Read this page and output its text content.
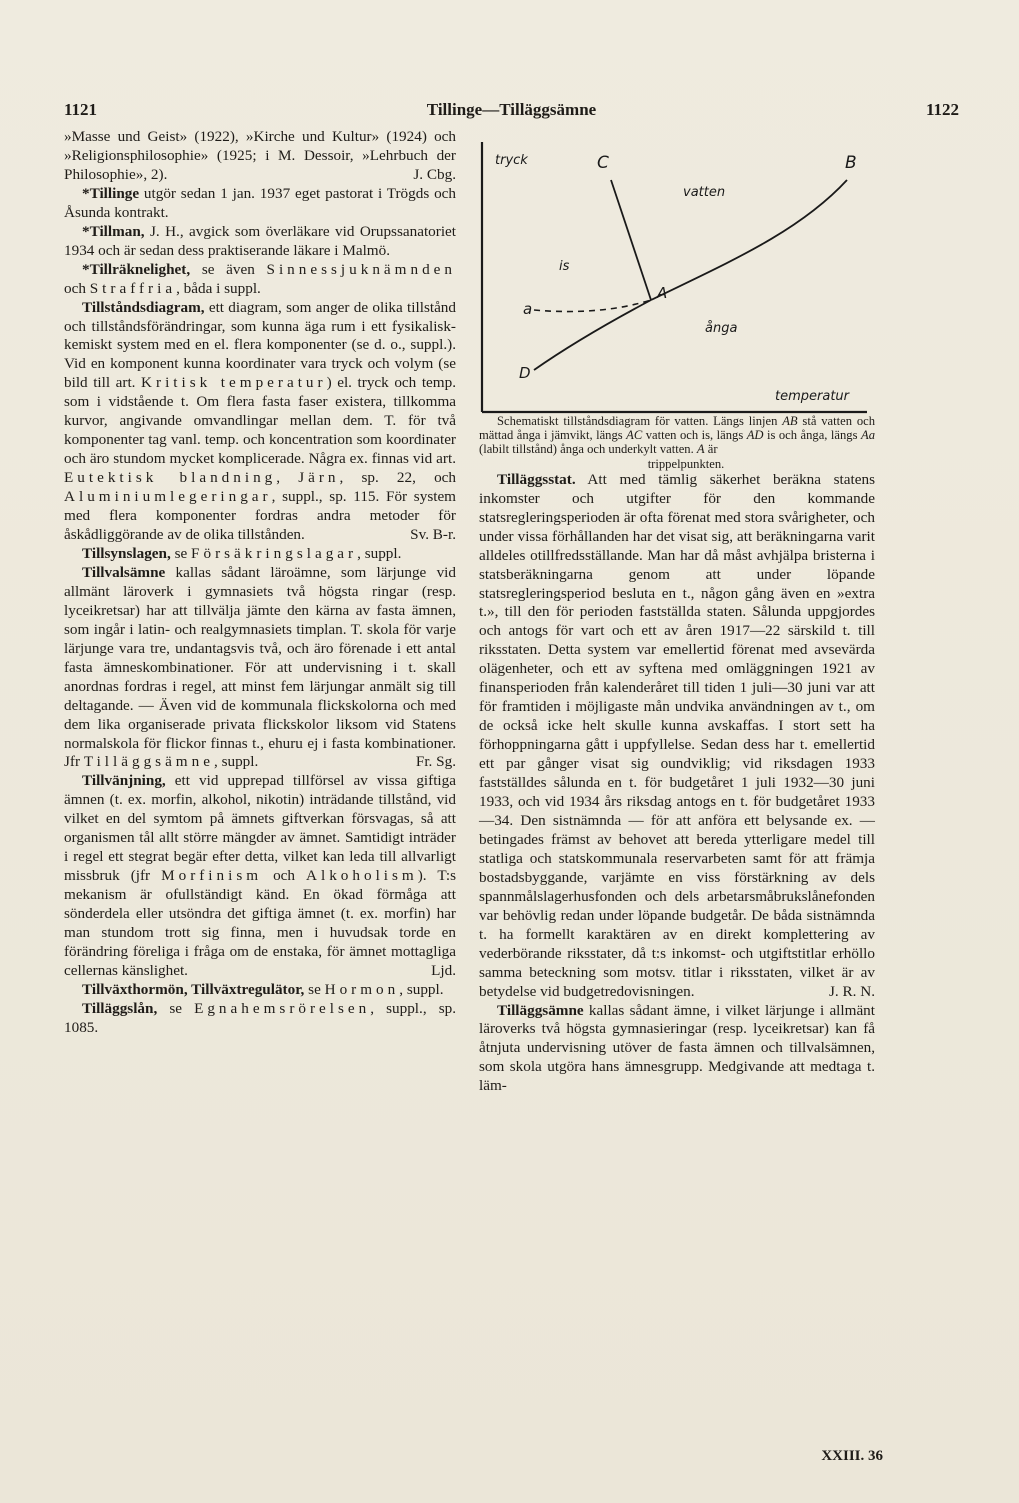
1121	Tillinge—Tilläggsämne	1122

»Masse und Geist» (1922), »Kirche und Kultur» (1924) och »Religionsphilosophie» (1925; i M. Dessoir, »Lehrbuch der Philosophie», 2).	J. Cbg.

*Tillinge utgör sedan 1 jan. 1937 eget pastorat i Trögds och Åsunda kontrakt.

*Tillman, J. H., avgick som överläkare vid Orupssanatoriet 1934 och är sedan dess praktiserande läkare i Malmö.

*Tillräknelighet, se även Sinnessjuknämnden och Straffria, båda i suppl.

Tillståndsdiagram, ett diagram, som anger de olika tillstånd och tillståndsförändringar, som kunna äga rum i ett fysikalisk-kemiskt system med en el. flera komponenter (se d. o., suppl.). Vid en komponent kunna koordinater vara tryck och volym (se bild till art. Kritisk temperatur) el. tryck och temp. som i vidstående t. Om flera fasta faser existera, tillkomma kurvor, angivande omvandlingar mellan dem. T. för två komponenter tag vanl. temp. och koncentration som koordinater och äro stundom mycket komplicerade. Några ex. finnas vid art. Eutektisk blandning, Järn, sp. 22, och Aluminiumlegeringar, suppl., sp. 115. För system med flera komponenter fordras andra metoder för åskådliggörande av de olika tillstånden.	Sv. B-r.

Tillsynslagen, se Försäkringslagar, suppl.

Tillvalsämne kallas sådant läroämne, som lärjunge vid allmänt läroverk i gymnasiets två högsta ringar (resp. lyceikretsar) har att tillvälja jämte den kärna av fasta ämnen, som ingår i latin- och realgymnasiets timplan. T. skola för varje lärjunge vara tre, undantagsvis två, och äro förenade i ett antal fasta ämneskombinationer. För att undervisning i t. skall anordnas fordras i regel, att minst fem lärjungar anmält sig till deltagande. — Även vid de kommunala flickskolorna och med dem lika organiserade privata flickskolor liksom vid Statens normalskola för flickor finnas t., ehuru ej i fasta kombinationer. Jfr Tilläggsämne, suppl.	Fr. Sg.

Tillvänjning, ett vid upprepad tillförsel av vissa giftiga ämnen (t. ex. morfin, alkohol, nikotin) inträdande tillstånd, vid vilket en del symtom på ämnets giftverkan försvagas, så att organismen tål allt större mängder av ämnet. Samtidigt inträder i regel ett stegrat begär efter detta, vilket kan leda till allvarligt missbruk (jfr Morfinism och Alkoholism). T:s mekanism är ofullständigt känd. En ökad förmåga att sönderdela eller utsöndra det giftiga ämnet (t. ex. morfin) har man stundom trott sig finna, men i huvudsak torde en förändring föreliga i fråga om de enstaka, för ämnet mottagliga cellernas känslighet.	Ljd.

Tillväxthormön, Tillväxtregulätor, se Hormon, suppl.

Tilläggslån, se Egnahemsrörelsen, suppl., sp. 1085.

tryck	C	B
vatten
is
a
A
ånga
D
temperatur

Schematiskt tillståndsdiagram för vatten. Längs linjen AB stå vatten och mättad ånga i jämvikt, längs AC vatten och is, längs AD is och ånga, längs Aa (labilt tillstånd) ånga och underkylt vatten. A är
trippelpunkten.

Tilläggsstat. Att med tämlig säkerhet beräkna statens inkomster och utgifter för den kommande statsregleringsperioden är ofta förenat med stora svårigheter, och under vissa förhållanden har det visat sig, att beräkningarna varit alldeles otillfredsställande. Man har då måst avhjälpa bristerna i statsberäkningarna genom att under löpande statsregleringsperiod besluta en t., någon gång även en »extra t.», till den för perioden fastställda staten. Sålunda uppgjordes och antogs för vart och ett av åren 1917—22 särskild t. till riksstaten. Detta system var emellertid förenat med avsevärda olägenheter, och ett av syftena med omläggningen 1921 av finansperioden från kalenderåret till tiden 1 juli—30 juni var att för framtiden i möjligaste mån undvika användningen av t., om de också icke helt skulle kunna avskaffas. I stort sett ha förhoppningarna gått i uppfyllelse. Sedan dess har t. emellertid ett par gånger visat sig oundviklig; vid riksdagen 1933 fastställdes sålunda en t. för budgetåret 1 juli 1932—30 juni 1933, och vid 1934 års riksdag antogs en t. för budgetåret 1933—34. Den sistnämnda — för att anföra ett belysande ex. — betingades främst av behovet att bereda ytterligare medel till statliga och statskommunala reservarbeten samt för att främja bostadsbyggande, varjämte en viss förstärkning av dels spannmålslagerhusfonden och dels arbetarsmåbrukslånefonden var behövlig redan under löpande budgetår. De båda sistnämnda t. ha formellt karaktären av en direkt komplettering av vederbörande riksstater, då t:s inkomst- och utgiftstitlar erhöllo samma beteckning som motsv. titlar i riksstaten, vilket är av betydelse vid budgetredovisningen.	J. R. N.

Tilläggsämne kallas sådant ämne, i vilket lärjunge i allmänt läroverks två högsta gymnasieringar (resp. lyceikretsar) kan få åtnjuta undervisning utöver de fasta ämnen och tillvalsämnen, som skola utgöra hans ämnesgrupp. Medgivande att medtaga t. läm-

XXIII. 36
